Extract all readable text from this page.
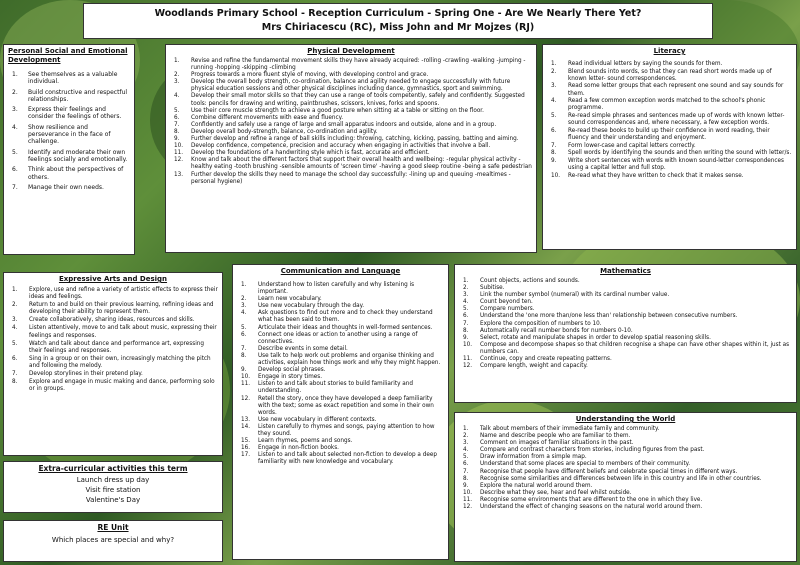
Woodlands Primary School - Reception Curriculum - Spring One - Are We Nearly There Yet?
Mrs Chiriacescu (RC), Miss John and Mr Mojzes (RJ)
Personal Social and Emotional Development
1. See themselves as a valuable individual.
2. Build constructive and respectful relationships.
3. Express their feelings and consider the feelings of others.
4. Show resilience and perseverance in the face of challenge.
5. Identify and moderate their own feelings socially and emotionally.
6. Think about the perspectives of others.
7. Manage their own needs.
Physical Development
1. Revise and refine the fundamental movement skills they have already acquired: -rolling -crawling -walking -jumping -running -hopping -skipping -climbing
2. Progress towards a more fluent style of moving, with developing control and grace.
3. Develop the overall body strength, co-ordination, balance and agility needed to engage successfully with future physical education sessions and other physical disciplines including dance, gymnastics, sport and swimming.
4. Develop their small motor skills so that they can use a range of tools competently, safely and confidently. Suggested tools: pencils for drawing and writing, paintbrushes, scissors, knives, forks and spoons.
5. Use their core muscle strength to achieve a good posture when sitting at a table or sitting on the floor.
6. Combine different movements with ease and fluency.
7. Confidently and safely use a range of large and small apparatus indoors and outside, alone and in a group.
8. Develop overall body-strength, balance, co-ordination and agility.
9. Further develop and refine a range of ball skills including: throwing, catching, kicking, passing, batting and aiming.
10. Develop confidence, competence, precision and accuracy when engaging in activities that involve a ball.
11. Develop the foundations of a handwriting style which is fast, accurate and efficient.
12. Know and talk about the different factors that support their overall health and wellbeing: -regular physical activity -healthy eating -tooth brushing -sensible amounts of 'screen time' -having a good sleep routine -being a safe pedestrian
13. Further develop the skills they need to manage the school day successfully: -lining up and queuing -mealtimes -personal hygiene)
Literacy
1. Read individual letters by saying the sounds for them.
2. Blend sounds into words, so that they can read short words made up of known letter- sound correspondences.
3. Read some letter groups that each represent one sound and say sounds for them.
4. Read a few common exception words matched to the school's phonic programme.
5. Re-read simple phrases and sentences made up of words with known letter-sound correspondences and, where necessary, a few exception words.
6. Re-read these books to build up their confidence in word reading, their fluency and their understanding and enjoyment.
7. Form lower-case and capital letters correctly.
8. Spell words by identifying the sounds and then writing the sound with letter/s.
9. Write short sentences with words with known sound-letter correspondences using a capital letter and full stop.
10. Re-read what they have written to check that it makes sense.
Expressive Arts and Design
1. Explore, use and refine a variety of artistic effects to express their ideas and feelings.
2. Return to and build on their previous learning, refining ideas and developing their ability to represent them.
3. Create collaboratively, sharing ideas, resources and skills.
4. Listen attentively, move to and talk about music, expressing their feelings and responses.
5. Watch and talk about dance and performance art, expressing their feelings and responses.
6. Sing in a group or on their own, increasingly matching the pitch and following the melody.
7. Develop storylines in their pretend play.
8. Explore and engage in music making and dance, performing solo or in groups.
Communication and Language
1. Understand how to listen carefully and why listening is important.
2. Learn new vocabulary.
3. Use new vocabulary through the day.
4. Ask questions to find out more and to check they understand what has been said to them.
5. Articulate their ideas and thoughts in well-formed sentences.
6. Connect one ideas or action to another using a range of connectives.
7. Describe events in some detail.
8. Use talk to help work out problems and organise thinking and activities, explain how things work and why they might happen.
9. Develop social phrases.
10. Engage in story times.
11. Listen to and talk about stories to build familiarity and understanding.
12. Retell the story, once they have developed a deep familiarity with the text; some as exact repetition and some in their own words.
13. Use new vocabulary in different contexts.
14. Listen carefully to rhymes and songs, paying attention to how they sound.
15. Learn rhymes, poems and songs.
16. Engage in non-fiction books.
17. Listen to and talk about selected non-fiction to develop a deep familiarity with new knowledge and vocabulary.
Mathematics
1. Count objects, actions and sounds.
2. Subitise.
3. Link the number symbol (numeral) with its cardinal number value.
4. Count beyond ten.
5. Compare numbers.
6. Understand the 'one more than/one less than' relationship between consecutive numbers.
7. Explore the composition of numbers to 10.
8. Automatically recall number bonds for numbers 0-10.
9. Select, rotate and manipulate shapes in order to develop spatial reasoning skills.
10. Compose and decompose shapes so that children recognise a shape can have other shapes within it, just as numbers can.
11. Continue, copy and create repeating patterns.
12. Compare length, weight and capacity.
Understanding the World
1. Talk about members of their immediate family and community.
2. Name and describe people who are familiar to them.
3. Comment on images of familiar situations in the past.
4. Compare and contrast characters from stories, including figures from the past.
5. Draw information from a simple map.
6. Understand that some places are special to members of their community.
7. Recognise that people have different beliefs and celebrate special times in different ways.
8. Recognise some similarities and differences between life in this country and life in other countries.
9. Explore the natural world around them.
10. Describe what they see, hear and feel whilst outside.
11. Recognise some environments that are different to the one in which they live.
12. Understand the effect of changing seasons on the natural world around them.
Extra-curricular activities this term
Launch dress up day
Visit fire station
Valentine's Day
RE Unit
Which places are special and why?
